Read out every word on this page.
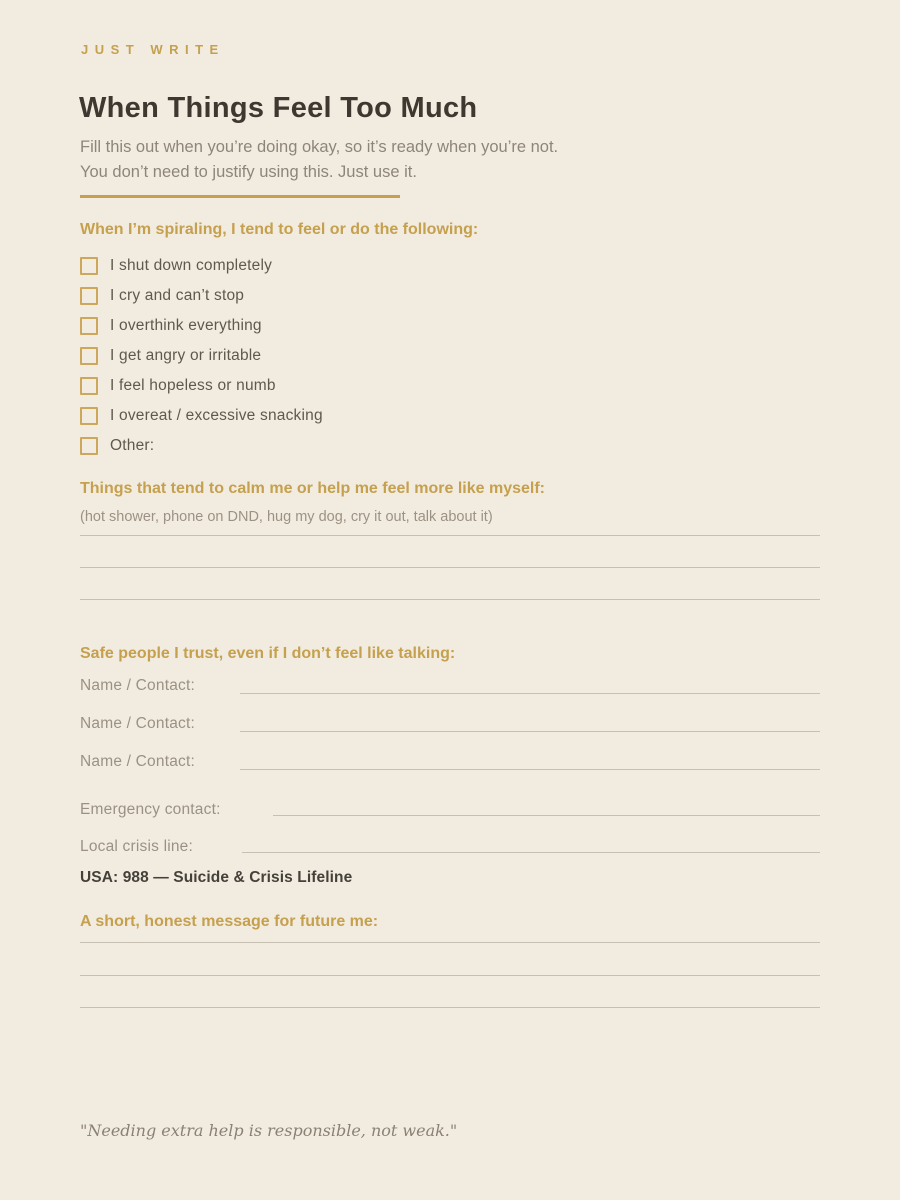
JUST WRITE
When Things Feel Too Much
Fill this out when you’re doing okay, so it’s ready when you’re not.
You don’t need to justify using this. Just use it.
When I’m spiraling, I tend to feel or do the following:
I shut down completely
I cry and can’t stop
I overthink everything
I get angry or irritable
I feel hopeless or numb
I overeat / excessive snacking
Other:
Things that tend to calm me or help me feel more like myself:
(hot shower, phone on DND, hug my dog, cry it out, talk about it)
Safe people I trust, even if I don’t feel like talking:
Name / Contact:
Name / Contact:
Name / Contact:
Emergency contact:
Local crisis line:
USA: 988 — Suicide & Crisis Lifeline
A short, honest message for future me:
"Needing extra help is responsible, not weak."
